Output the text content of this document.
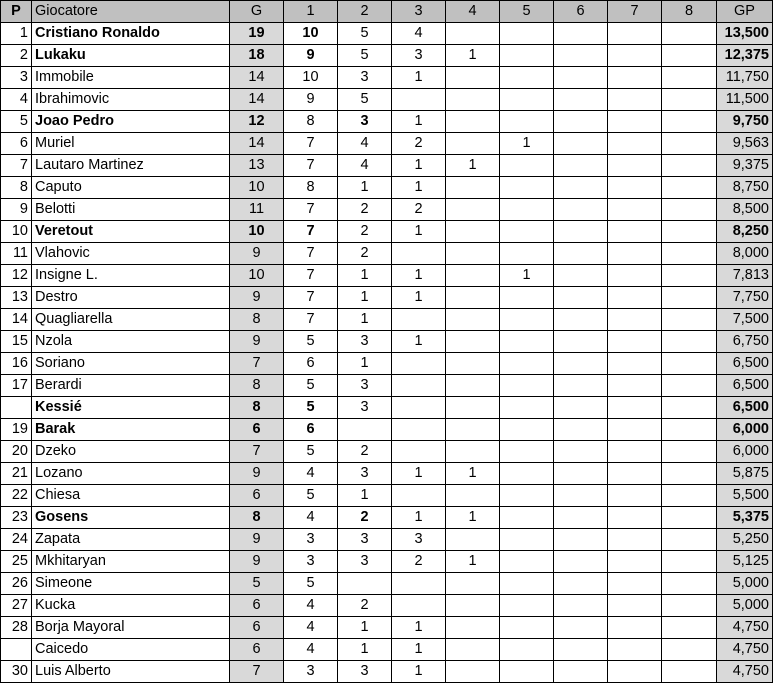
P	Giocatore	G	1	2	3	4	5	6	7	8	GP
1	Cristiano Ronaldo	19	10	5	4						13,500
2	Lukaku	18	9	5	3	1					12,375
3	Immobile	14	10	3	1						11,750
4	Ibrahimovic	14	9	5							11,500
5	Joao Pedro	12	8	3	1						9,750
6	Muriel	14	7	4	2		1				9,563
7	Lautaro Martinez	13	7	4	1	1					9,375
8	Caputo	10	8	1	1						8,750
9	Belotti	11	7	2	2						8,500
10	Veretout	10	7	2	1						8,250
11	Vlahovic	9	7	2							8,000
12	Insigne L.	10	7	1	1		1				7,813
13	Destro	9	7	1	1						7,750
14	Quagliarella	8	7	1							7,500
15	Nzola	9	5	3	1						6,750
16	Soriano	7	6	1							6,500
17	Berardi	8	5	3							6,500
	Kessié	8	5	3							6,500
19	Barak	6	6								6,000
20	Dzeko	7	5	2							6,000
21	Lozano	9	4	3	1	1					5,875
22	Chiesa	6	5	1							5,500
23	Gosens	8	4	2	1	1					5,375
24	Zapata	9	3	3	3						5,250
25	Mkhitaryan	9	3	3	2	1					5,125
26	Simeone	5	5								5,000
27	Kucka	6	4	2							5,000
28	Borja Mayoral	6	4	1	1						4,750
	Caicedo	6	4	1	1						4,750
30	Luis Alberto	7	3	3	1						4,750
